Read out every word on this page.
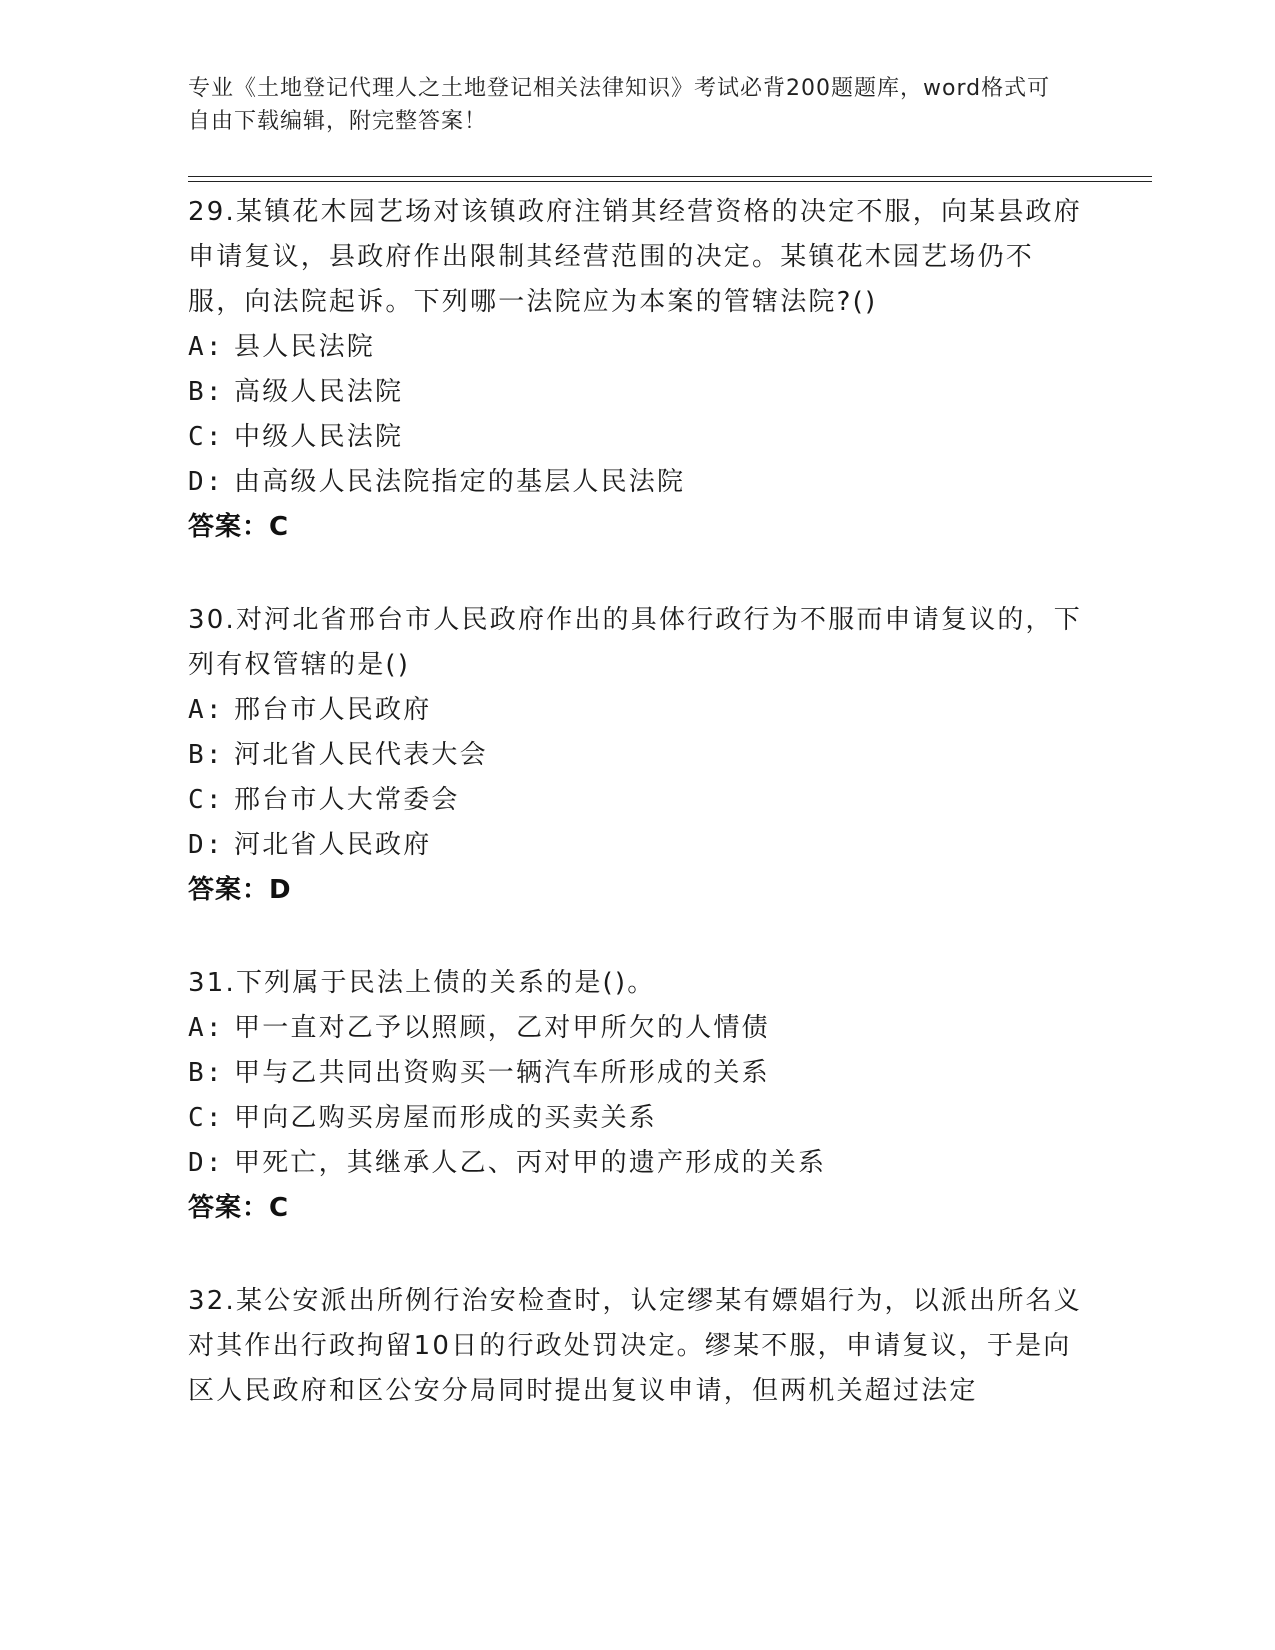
专业《土地登记代理人之土地登记相关法律知识》考试必背200题题库，word格式可自由下载编辑，附完整答案！

29.某镇花木园艺场对该镇政府注销其经营资格的决定不服，向某县政府申请复议，县政府作出限制其经营范围的决定。某镇花木园艺场仍不服，向法院起诉。下列哪一法院应为本案的管辖法院?()

A: 县人民法院

B: 高级人民法院

C: 中级人民法院

D: 由高级人民法院指定的基层人民法院

答案：C

30.对河北省邢台市人民政府作出的具体行政行为不服而申请复议的，下列有权管辖的是()

A: 邢台市人民政府

B: 河北省人民代表大会

C: 邢台市人大常委会

D: 河北省人民政府

答案：D

31.下列属于民法上债的关系的是()。

A: 甲一直对乙予以照顾，乙对甲所欠的人情债

B: 甲与乙共同出资购买一辆汽车所形成的关系

C: 甲向乙购买房屋而形成的买卖关系

D: 甲死亡，其继承人乙、丙对甲的遗产形成的关系

答案：C

32.某公安派出所例行治安检查时，认定缪某有嫖娼行为，以派出所名义对其作出行政拘留10日的行政处罚决定。缪某不服，申请复议，于是向区人民政府和区公安分局同时提出复议申请，但两机关超过法定
